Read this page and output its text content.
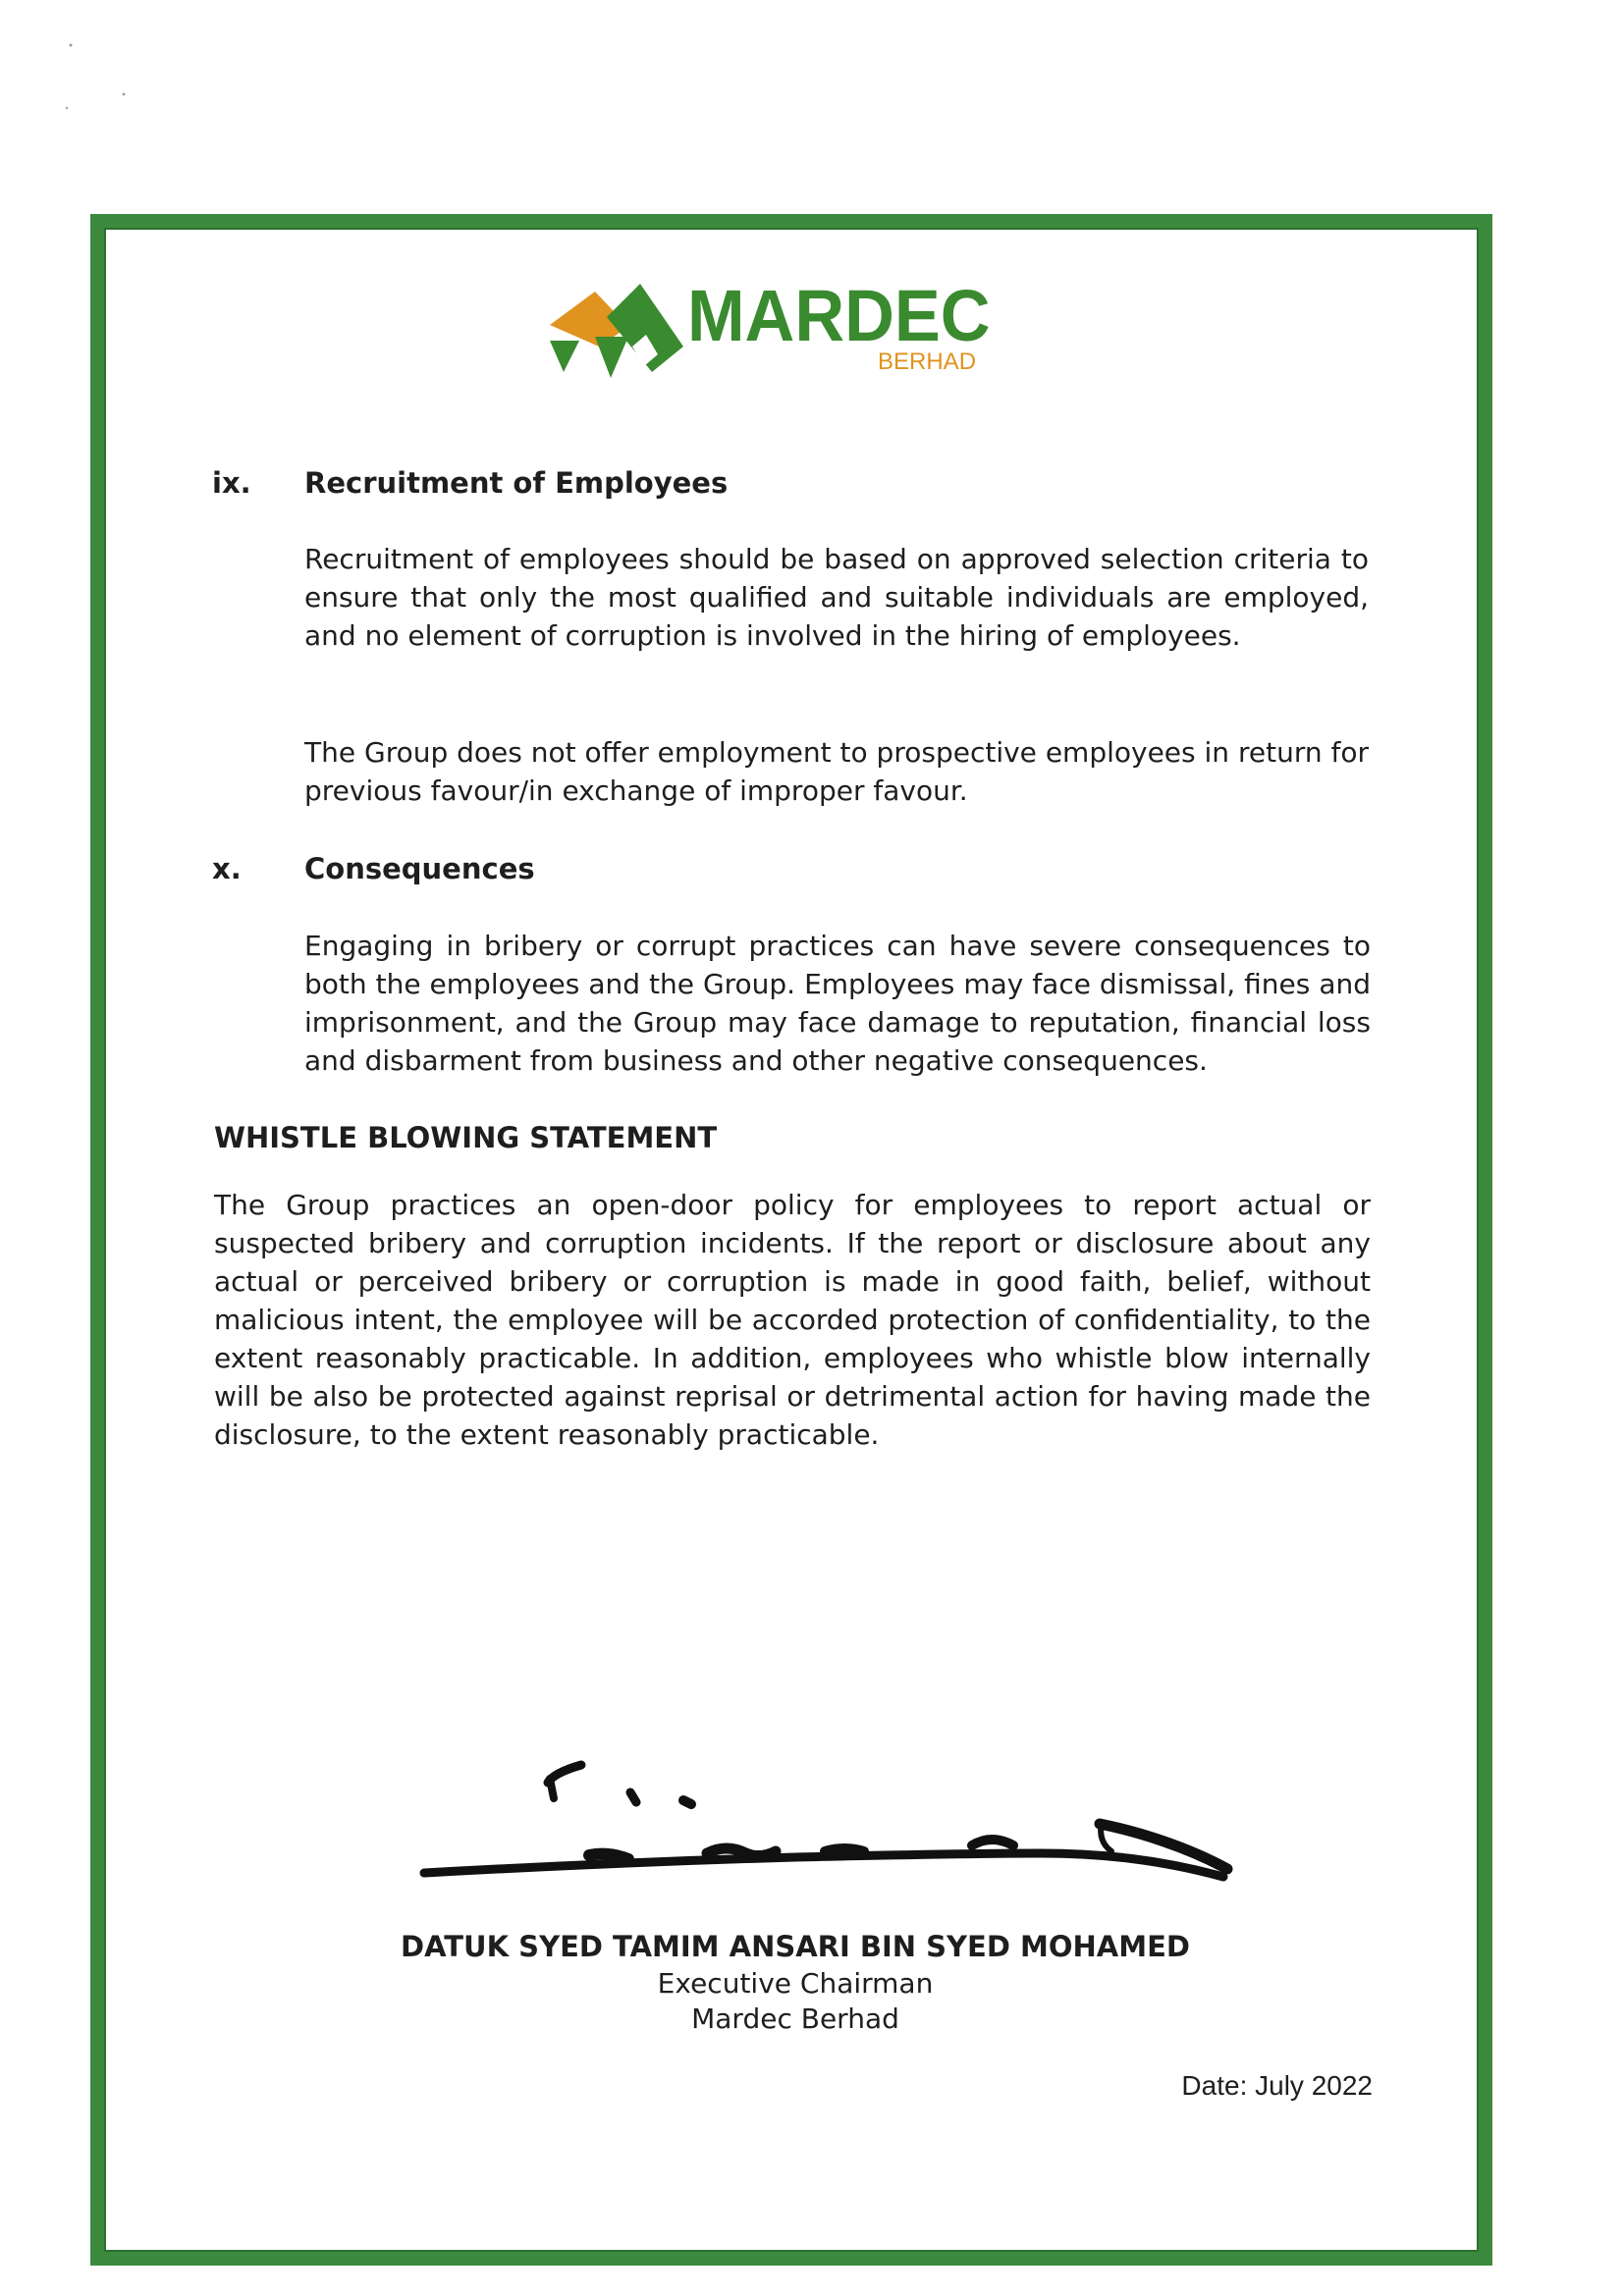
MARDEC
BERHAD
ix. Recruitment of Employees

Recruitment of employees should be based on approved selection criteria to ensure that only the most qualified and suitable individuals are employed, and no element of corruption is involved in the hiring of employees.

The Group does not offer employment to prospective employees in return for previous favour/in exchange of improper favour.

x. Consequences

Engaging in bribery or corrupt practices can have severe consequences to both the employees and the Group. Employees may face dismissal, fines and imprisonment, and the Group may face damage to reputation, financial loss and disbarment from business and other negative consequences.

WHISTLE BLOWING STATEMENT

The Group practices an open-door policy for employees to report actual or suspected bribery and corruption incidents. If the report or disclosure about any actual or perceived bribery or corruption is made in good faith, belief, without malicious intent, the employee will be accorded protection of confidentiality, to the extent reasonably practicable. In addition, employees who whistle blow internally will be also be protected against reprisal or detrimental action for having made the disclosure, to the extent reasonably practicable.

DATUK SYED TAMIM ANSARI BIN SYED MOHAMED
Executive Chairman
Mardec Berhad
Date: July 2022
